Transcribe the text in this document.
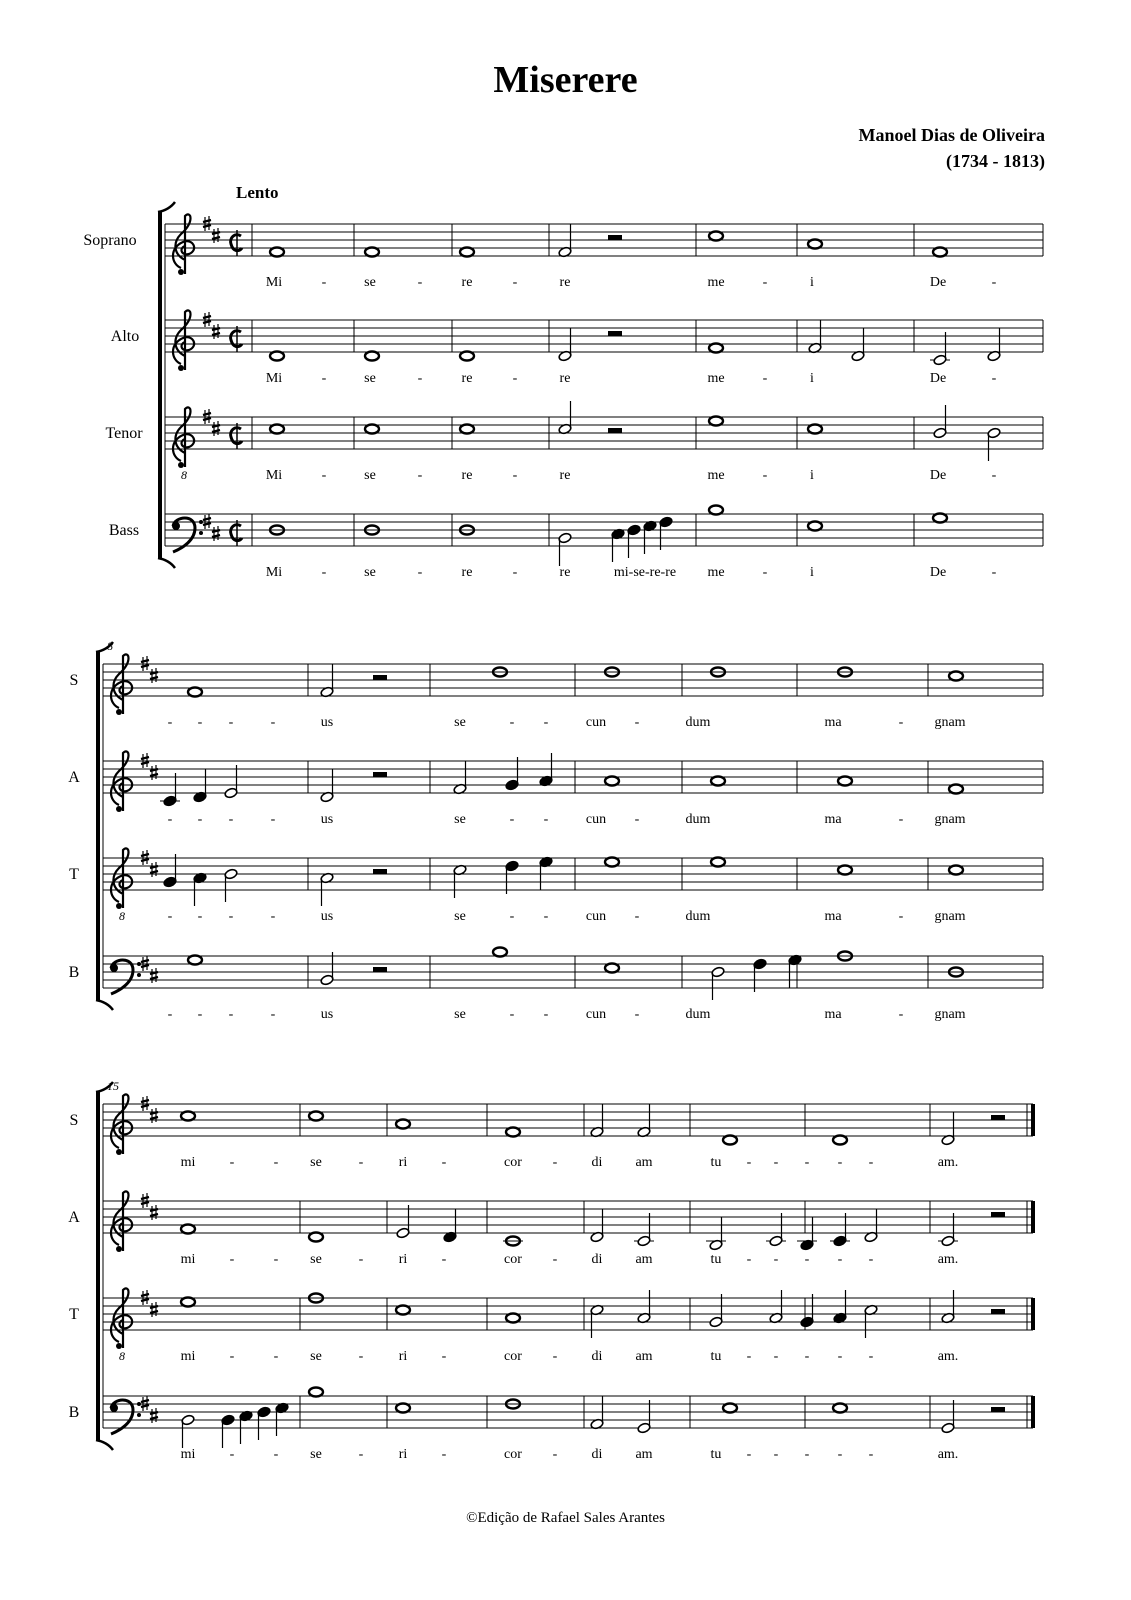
Miserere
Manoel Dias de Oliveira
(1734 - 1813)
Lento
Soprano
Mi	-	se	-	re	-	re	me	-	i	De	-
Alto
Mi	-	se	-	re	-	re	me	-	i	De	-
Tenor
8	Mi	-	se	-	re	-	re	me	-	i	De	-
Bass
Mi	-	se	-	re	-	re	mi-se-re-re me	-	i	De	-
8
S
- - -	-	us	se	- -	cun -	dum	ma	- gnam
A
- - -	-	us	se	- -	cun -	dum	ma	- gnam
T
8	- - -	-	us	se	- -	cun -	dum	ma	- gnam
B
- - -	-	us	se	- -	cun -	dum	ma	- gnam
15
S
mi -	- se	-	ri -	cor - di am	tu - - - - -	am.
A
mi -	- se	-	ri -	cor - di am	tu - - - - -	am.
T
8	mi -	- se	-	ri -	cor - di am	tu - - - - -	am.
B
mi -	- se	-	ri -	cor - di am	tu - - - - -	am.
©Edição de Rafael Sales Arantes
